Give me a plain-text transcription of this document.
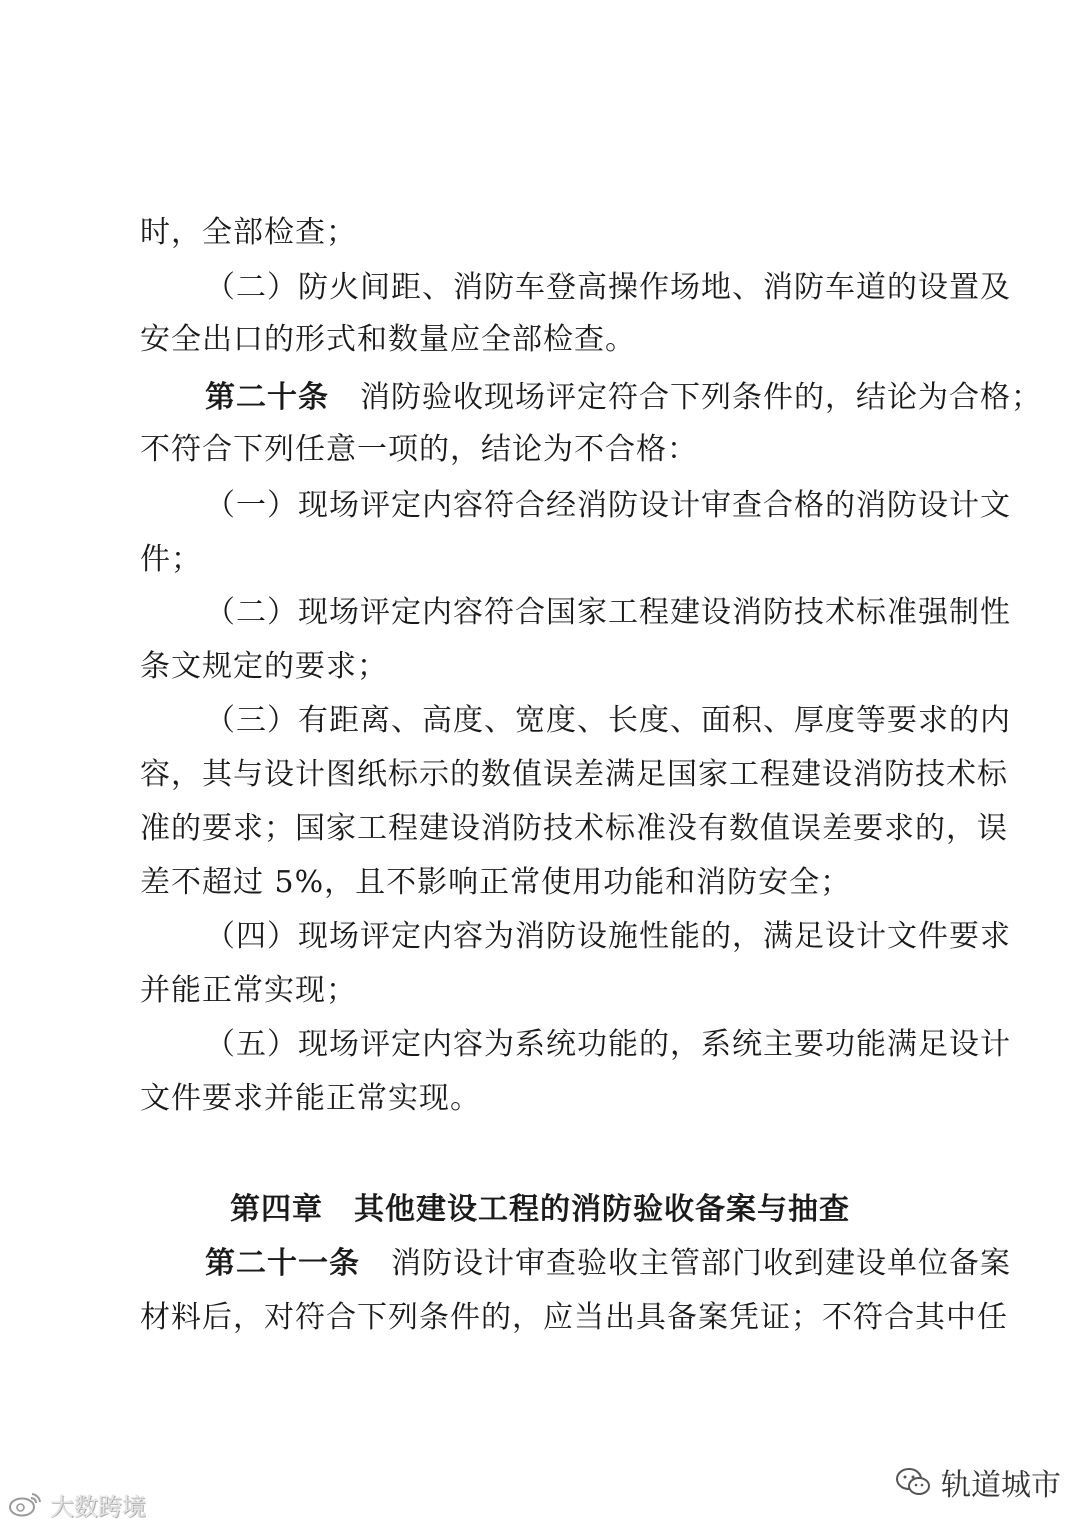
时，全部检查；
（二）防火间距、消防车登高操作场地、消防车道的设置及
安全出口的形式和数量应全部检查。
第二十条　 消防验收现场评定符合下列条件的，结论为合格；
不符合下列任意一项的，结论为不合格：
（一）现场评定内容符合经消防设计审查合格的消防设计文
件；
（二）现场评定内容符合国家工程建设消防技术标准强制性
条文规定的要求；
（三）有距离、高度、宽度、长度、面积、厚度等要求的内
容，其与设计图纸标示的数值误差满足国家工程建设消防技术标
准的要求；国家工程建设消防技术标准没有数值误差要求的，误
差不超过 5%，且不影响正常使用功能和消防安全；
（四）现场评定内容为消防设施性能的，满足设计文件要求
并能正常实现；
（五）现场评定内容为系统功能的，系统主要功能满足设计
文件要求并能正常实现。
第四章　其他建设工程的消防验收备案与抽查
第二十一条　 消防设计审查验收主管部门收到建设单位备案
材料后，对符合下列条件的，应当出具备案凭证；不符合其中任
大数跨境
轨道城市
